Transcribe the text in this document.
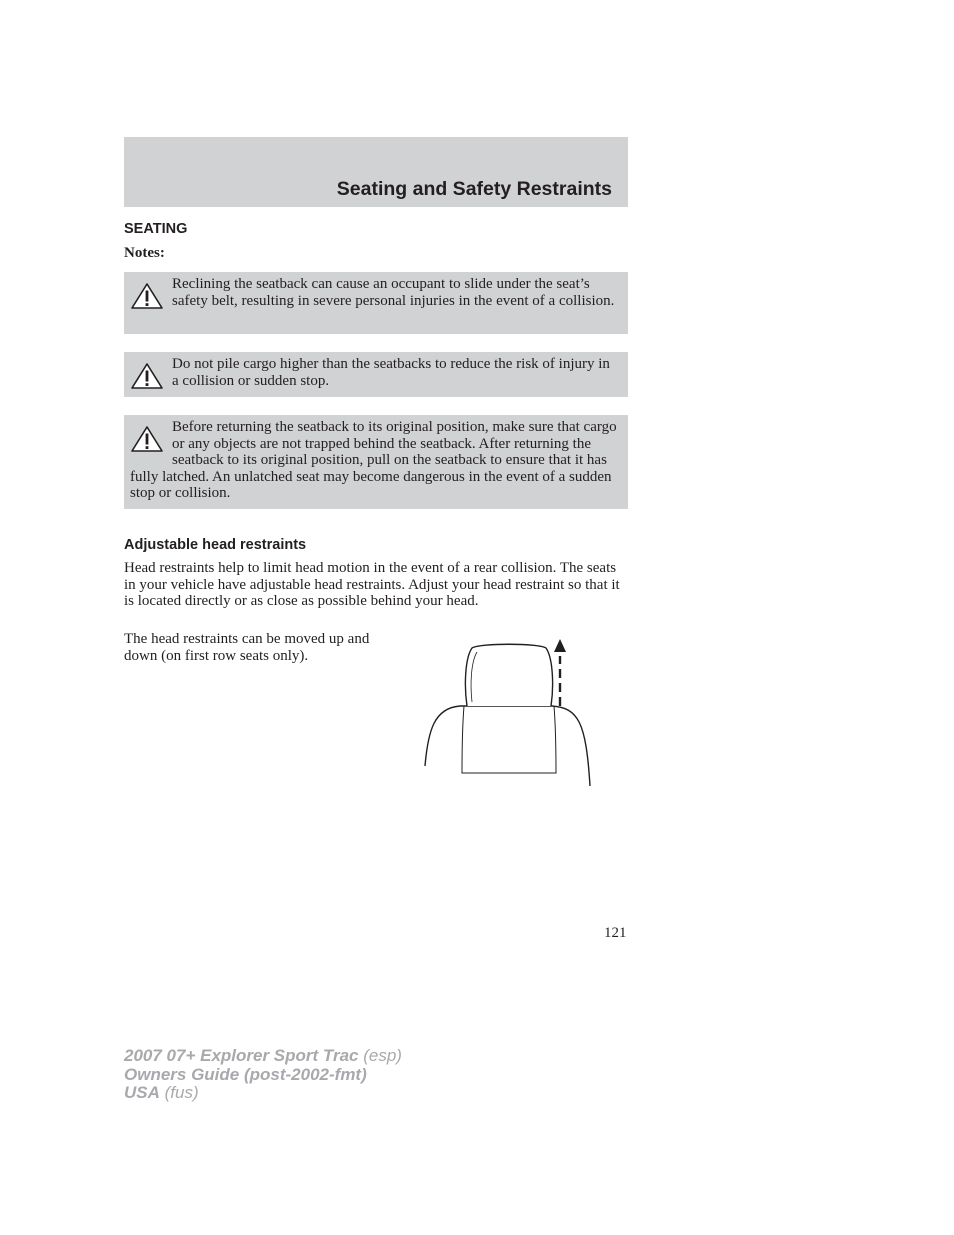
Seating and Safety Restraints
SEATING
Notes:
Reclining the seatback can cause an occupant to slide under the seat’s safety belt, resulting in severe personal injuries in the event of a collision.
Do not pile cargo higher than the seatbacks to reduce the risk of injury in a collision or sudden stop.
Before returning the seatback to its original position, make sure that cargo or any objects are not trapped behind the seatback. After returning the seatback to its original position, pull on the seatback to ensure that it has fully latched. An unlatched seat may become dangerous in the event of a sudden stop or collision.
Adjustable head restraints
Head restraints help to limit head motion in the event of a rear collision. The seats in your vehicle have adjustable head restraints. Adjust your head restraint so that it is located directly or as close as possible behind your head.
The head restraints can be moved up and down (on first row seats only).
121
2007 07+ Explorer Sport Trac (esp)
Owners Guide (post-2002-fmt)
USA (fus)
